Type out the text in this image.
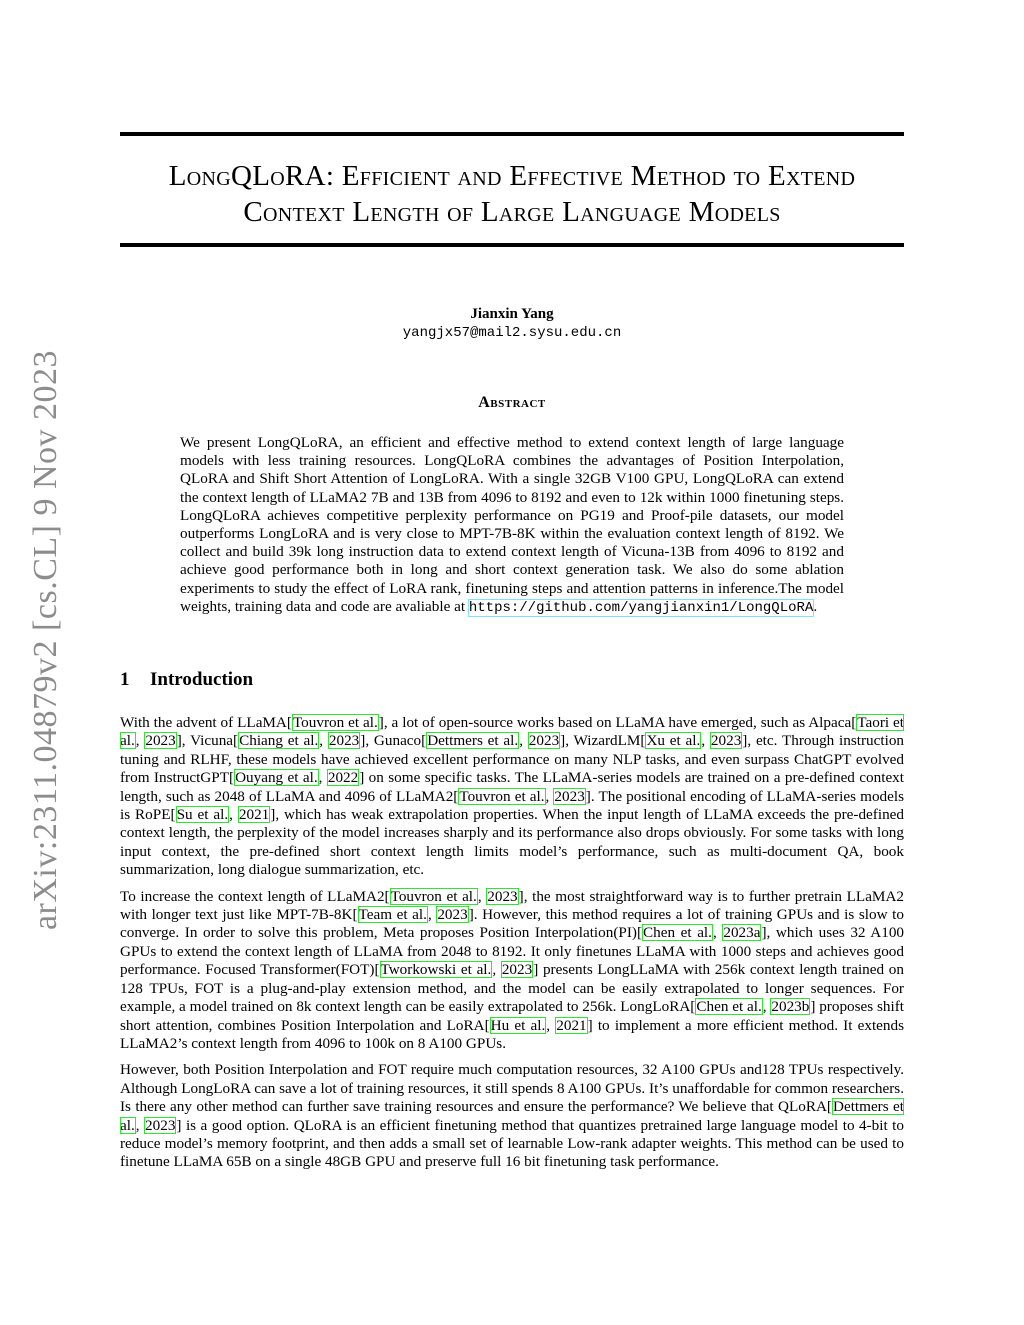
arXiv:2311.04879v2 [cs.CL] 9 Nov 2023
LongQLoRA: Efficient and Effective Method to Extend
Context Length of Large Language Models
Jianxin Yang
yangjx57@mail2.sysu.edu.cn
Abstract
We present LongQLoRA, an efficient and effective method to extend context length of large language models with less training resources. LongQLoRA combines the advantages of Position Interpolation, QLoRA and Shift Short Attention of LongLoRA. With a single 32GB V100 GPU, LongQLoRA can extend the context length of LLaMA2 7B and 13B from 4096 to 8192 and even to 12k within 1000 finetuning steps. LongQLoRA achieves competitive perplexity performance on PG19 and Proof-pile datasets, our model outperforms LongLoRA and is very close to MPT-7B-8K within the evaluation context length of 8192. We collect and build 39k long instruction data to extend context length of Vicuna-13B from 4096 to 8192 and achieve good performance both in long and short context generation task. We also do some ablation experiments to study the effect of LoRA rank, finetuning steps and attention patterns in inference.The model weights, training data and code are avaliable at https://github.com/yangjianxin1/LongQLoRA.
1 Introduction

With the advent of LLaMA[Touvron et al.], a lot of open-source works based on LLaMA have emerged, such as Alpaca[Taori et al., 2023], Vicuna[Chiang et al., 2023], Gunaco[Dettmers et al., 2023], WizardLM[Xu et al., 2023], etc. Through instruction tuning and RLHF, these models have achieved excellent performance on many NLP tasks, and even surpass ChatGPT evolved from InstructGPT[Ouyang et al., 2022] on some specific tasks. The LLaMA-series models are trained on a pre-defined context length, such as 2048 of LLaMA and 4096 of LLaMA2[Touvron et al., 2023]. The positional encoding of LLaMA-series models is RoPE[Su et al., 2021], which has weak extrapolation properties. When the input length of LLaMA exceeds the pre-defined context length, the perplexity of the model increases sharply and its performance also drops obviously. For some tasks with long input context, the pre-defined short context length limits model’s performance, such as multi-document QA, book summarization, long dialogue summarization, etc.

To increase the context length of LLaMA2[Touvron et al., 2023], the most straightforward way is to further pretrain LLaMA2 with longer text just like MPT-7B-8K[Team et al., 2023]. However, this method requires a lot of training GPUs and is slow to converge. In order to solve this problem, Meta proposes Position Interpolation(PI)[Chen et al., 2023a], which uses 32 A100 GPUs to extend the context length of LLaMA from 2048 to 8192. It only finetunes LLaMA with 1000 steps and achieves good performance. Focused Transformer(FOT)[Tworkowski et al., 2023] presents LongLLaMA with 256k context length trained on 128 TPUs, FOT is a plug-and-play extension method, and the model can be easily extrapolated to longer sequences. For example, a model trained on 8k context length can be easily extrapolated to 256k. LongLoRA[Chen et al., 2023b] proposes shift short attention, combines Position Interpolation and LoRA[Hu et al., 2021] to implement a more efficient method. It extends LLaMA2’s context length from 4096 to 100k on 8 A100 GPUs.

However, both Position Interpolation and FOT require much computation resources, 32 A100 GPUs and128 TPUs respectively. Although LongLoRA can save a lot of training resources, it still spends 8 A100 GPUs. It’s unaffordable for common researchers. Is there any other method can further save training resources and ensure the performance? We believe that QLoRA[Dettmers et al., 2023] is a good option. QLoRA is an efficient finetuning method that quantizes pretrained large language model to 4-bit to reduce model’s memory footprint, and then adds a small set of learnable Low-rank adapter weights. This method can be used to finetune LLaMA 65B on a single 48GB GPU and preserve full 16 bit finetuning task performance.
